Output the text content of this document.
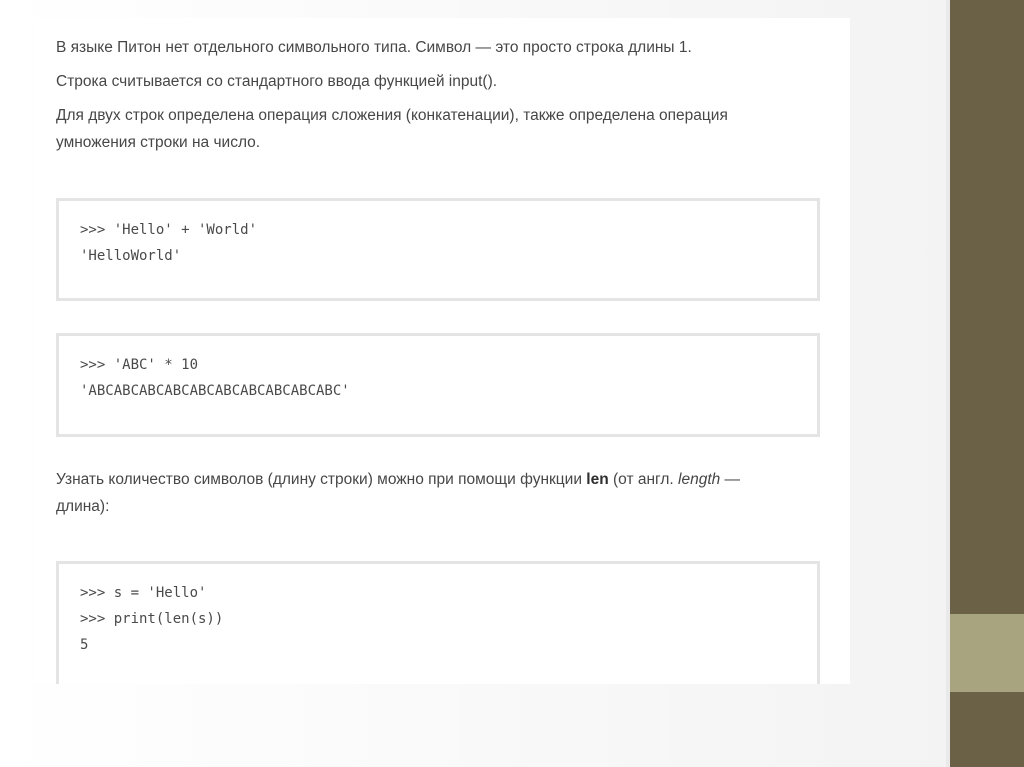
В языке Питон нет отдельного символьного типа. Символ — это просто строка длины 1.

Строка считывается со стандартного ввода функцией input().

Для двух строк определена операция сложения (конкатенации), также определена операция
умножения строки на число.

>>> 'Hello' + 'World'
'HelloWorld'
>>> 'ABC' * 10
'ABCABCABCABCABCABCABCABCABCABC'

Узнать количество символов (длину строки) можно при помощи функции len (от англ. length —
длина):

>>> s = 'Hello'
>>> print(len(s))
5
